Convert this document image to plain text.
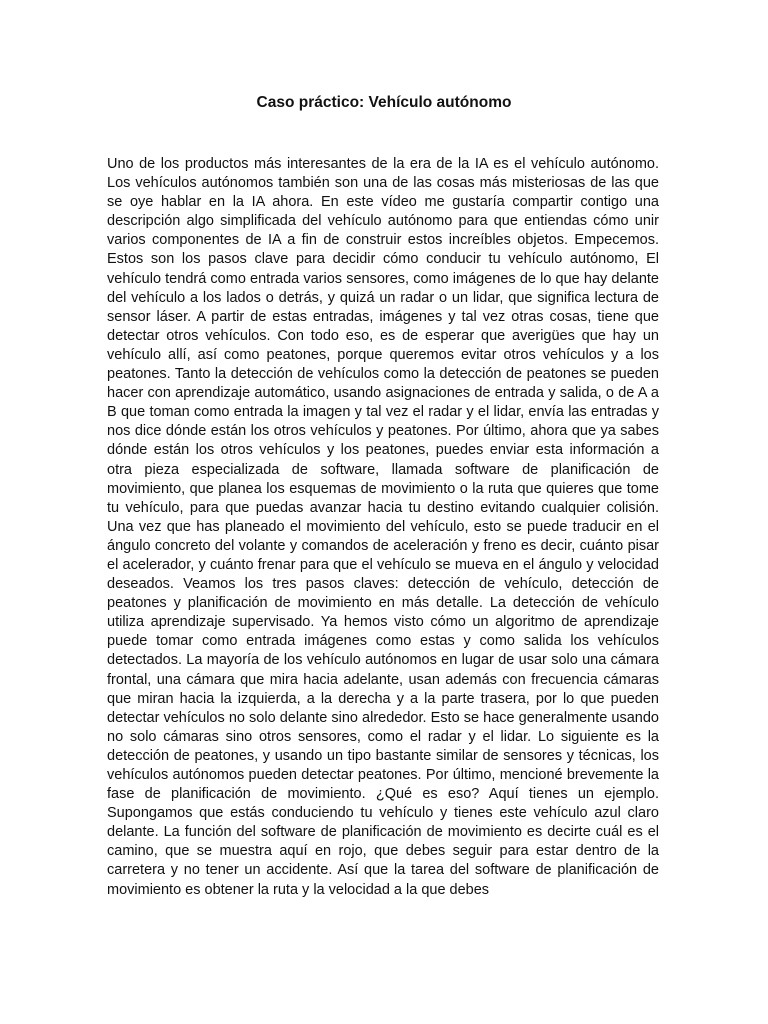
Caso práctico: Vehículo autónomo

Uno de los productos más interesantes de la era de la IA es el vehículo autónomo. Los vehículos autónomos también son una de las cosas más misteriosas de las que se oye hablar en la IA ahora. En este vídeo me gustaría compartir contigo una descripción algo simplificada del vehículo autónomo para que entiendas cómo unir varios componentes de IA a fin de construir estos increíbles objetos. Empecemos. Estos son los pasos clave para decidir cómo conducir tu vehículo autónomo, El vehículo tendrá como entrada varios sensores, como imágenes de lo que hay delante del vehículo a los lados o detrás, y quizá un radar o un lidar, que significa lectura de sensor láser. A partir de estas entradas, imágenes y tal vez otras cosas, tiene que detectar otros vehículos. Con todo eso, es de esperar que averigües que hay un vehículo allí, así como peatones, porque queremos evitar otros vehículos y a los peatones. Tanto la detección de vehículos como la detección de peatones se pueden hacer con aprendizaje automático, usando asignaciones de entrada y salida, o de A a B que toman como entrada la imagen y tal vez el radar y el lidar, envía las entradas y nos dice dónde están los otros vehículos y peatones. Por último, ahora que ya sabes dónde están los otros vehículos y los peatones, puedes enviar esta información a otra pieza especializada de software, llamada software de planificación de movimiento, que planea los esquemas de movimiento o la ruta que quieres que tome tu vehículo, para que puedas avanzar hacia tu destino evitando cualquier colisión. Una vez que has planeado el movimiento del vehículo, esto se puede traducir en el ángulo concreto del volante y comandos de aceleración y freno es decir, cuánto pisar el acelerador, y cuánto frenar para que el vehículo se mueva en el ángulo y velocidad deseados. Veamos los tres pasos claves: detección de vehículo, detección de peatones y planificación de movimiento en más detalle. La detección de vehículo utiliza aprendizaje supervisado. Ya hemos visto cómo un algoritmo de aprendizaje puede tomar como entrada imágenes como estas y como salida los vehículos detectados. La mayoría de los vehículo autónomos en lugar de usar solo una cámara frontal, una cámara que mira hacia adelante, usan además con frecuencia cámaras que miran hacia la izquierda, a la derecha y a la parte trasera, por lo que pueden detectar vehículos no solo delante sino alrededor. Esto se hace generalmente usando no solo cámaras sino otros sensores, como el radar y el lidar. Lo siguiente es la detección de peatones, y usando un tipo bastante similar de sensores y técnicas, los vehículos autónomos pueden detectar peatones. Por último, mencioné brevemente la fase de planificación de movimiento. ¿Qué es eso? Aquí tienes un ejemplo. Supongamos que estás conduciendo tu vehículo y tienes este vehículo azul claro delante. La función del software de planificación de movimiento es decirte cuál es el camino, que se muestra aquí en rojo, que debes seguir para estar dentro de la carretera y no tener un accidente. Así que la tarea del software de planificación de movimiento es obtener la ruta y la velocidad a la que debes
